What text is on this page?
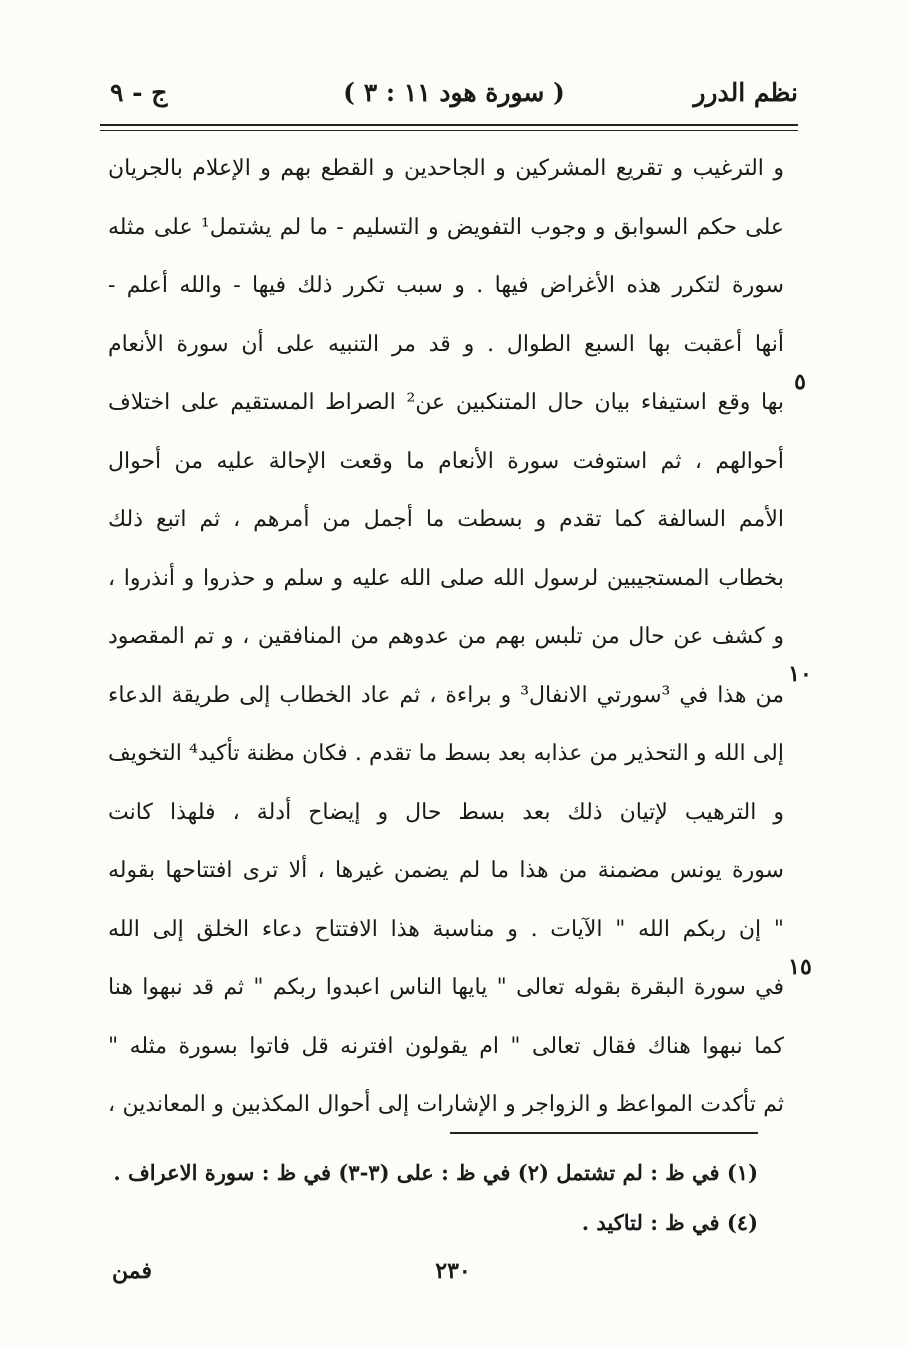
نظم الدرر
( سورة هود ١١ : ٣ )
ج - ٩
و الترغيب و تقريع المشركين و الجاحدين و القطع بهم و الإعلام بالجريان
على حكم السوابق و وجوب التفويض و التسليم - ما لم يشتمل¹ على مثله
سورة لتكرر هذه الأغراض فيها . و سبب تكرر ذلك فيها - والله أعلم -
أنها أعقبت بها السبع الطوال . و قد مر التنبيه على أن سورة الأنعام
بها وقع استيفاء بيان حال المتنكبين عن² الصراط المستقيم على اختلاف
أحوالهم ، ثم استوفت سورة الأنعام ما وقعت الإحالة عليه من أحوال
الأمم السالفة كما تقدم و بسطت ما أجمل من أمرهم ، ثم اتبع ذلك
بخطاب المستجيبين لرسول الله صلى الله عليه و سلم و حذروا و أنذروا ،
و كشف عن حال من تلبس بهم من عدوهم من المنافقين ، و تم المقصود
من هذا في ³سورتي الانفال³ و براءة ، ثم عاد الخطاب إلى طريقة الدعاء
إلى الله و التحذير من عذابه بعد بسط ما تقدم . فكان مظنة تأكيد⁴ التخويف
و الترهيب لإتيان ذلك بعد بسط حال و إيضاح أدلة ، فلهذا كانت
سورة يونس مضمنة من هذا ما لم يضمن غيرها ، ألا ترى افتتاحها بقوله
" إن ربكم الله " الآيات . و مناسبة هذا الافتتاح دعاء الخلق إلى الله
في سورة البقرة بقوله تعالى " يايها الناس اعبدوا ربكم " ثم قد نبهوا هنا
كما نبهوا هناك فقال تعالى " ام يقولون افترنه قل فاتوا بسورة مثله "
ثم تأكدت المواعظ و الزواجر و الإشارات إلى أحوال المكذبين و المعاندين ،
٥
١٠
١٥
(١) في ظ : لم تشتمل (٢) في ظ : على (٣-٣) في ظ : سورة الاعراف .
(٤) في ظ : لتاكيد .
٢٣٠
فمن
